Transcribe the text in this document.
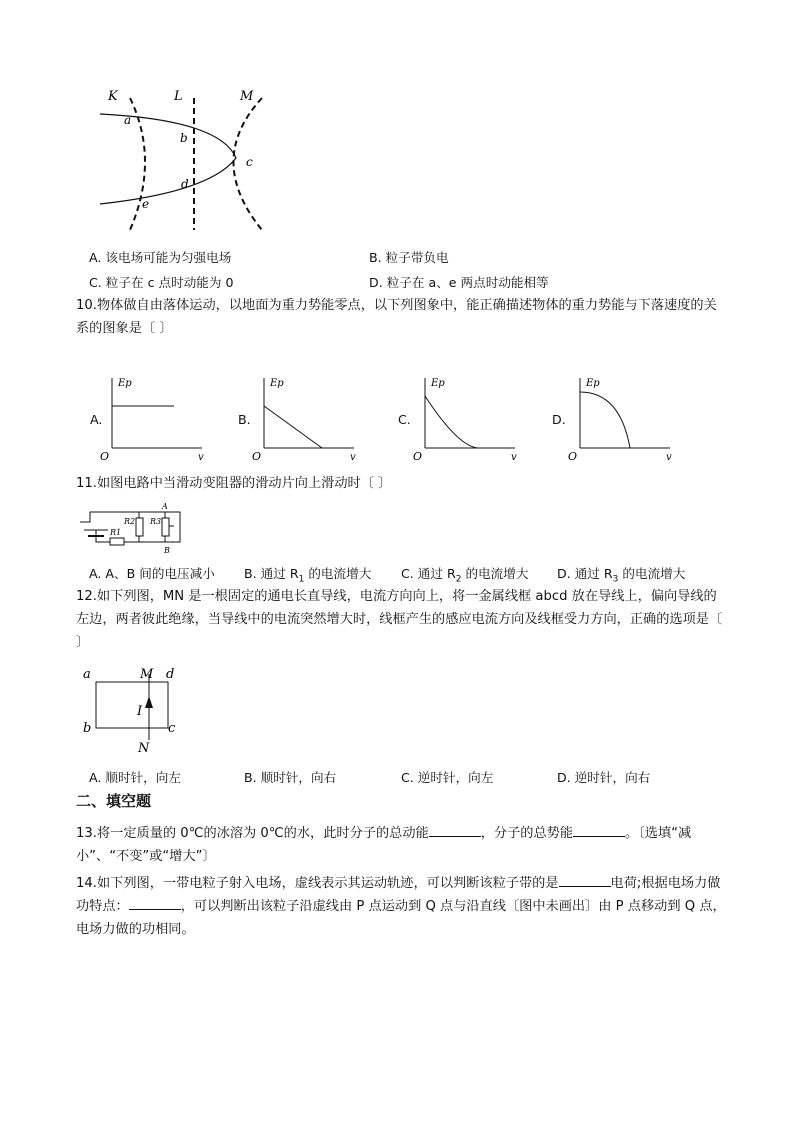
K	L	M
a
b
c
d
e
A. 该电场可能为匀强电场	B. 粒子带负电
C. 粒子在 c 点时动能为 0	D. 粒子在 a、e 两点时动能相等
10.物体做自由落体运动，以地面为重力势能零点，以下列图象中，能正确描述物体的重力势能与下落速度的关系的图象是〔 〕
A.
Ep
O	v
B.
Ep
O	v
C.
Ep
O	v
D.
Ep
O	v
11.如图电路中当滑动变阻器的滑动片向上滑动时〔 〕
R1
R2 R3
A
B
A. A、B 间的电压减小 B. 通过 $R_1$ 的电流增大 C. 通过 $R_2$ 的电流增大 D. 通过 $R_3$ 的电流增大
12.如下列图，MN 是一根固定的通电长直导线，电流方向向上，将一金属线框 abcd 放在导线上，偏向导线的左边，两者彼此绝缘，当导线中的电流突然增大时，线框产生的感应电流方向及线框受力方向，正确的选项是〔 〕
a	M d
I
b	c
N
A. 顺时针，向左	B. 顺时针，向右	C. 逆时针，向左	D. 逆时针，向右
二、填空题
13.将一定质量的 0℃的冰溶为 0℃的水，此时分子的总动能	，分子的总势能	。〔选填“减小”、“不变”或“增大”〕
14.如下列图，一带电粒子射入电场，虚线表示其运动轨迹，可以判断该粒子带的是	电荷;根据电场力做功特点：	，可以判断出该粒子沿虚线由 P 点运动到 Q 点与沿直线〔图中未画出〕由 P 点移动到 Q 点，电场力做的功相同。
